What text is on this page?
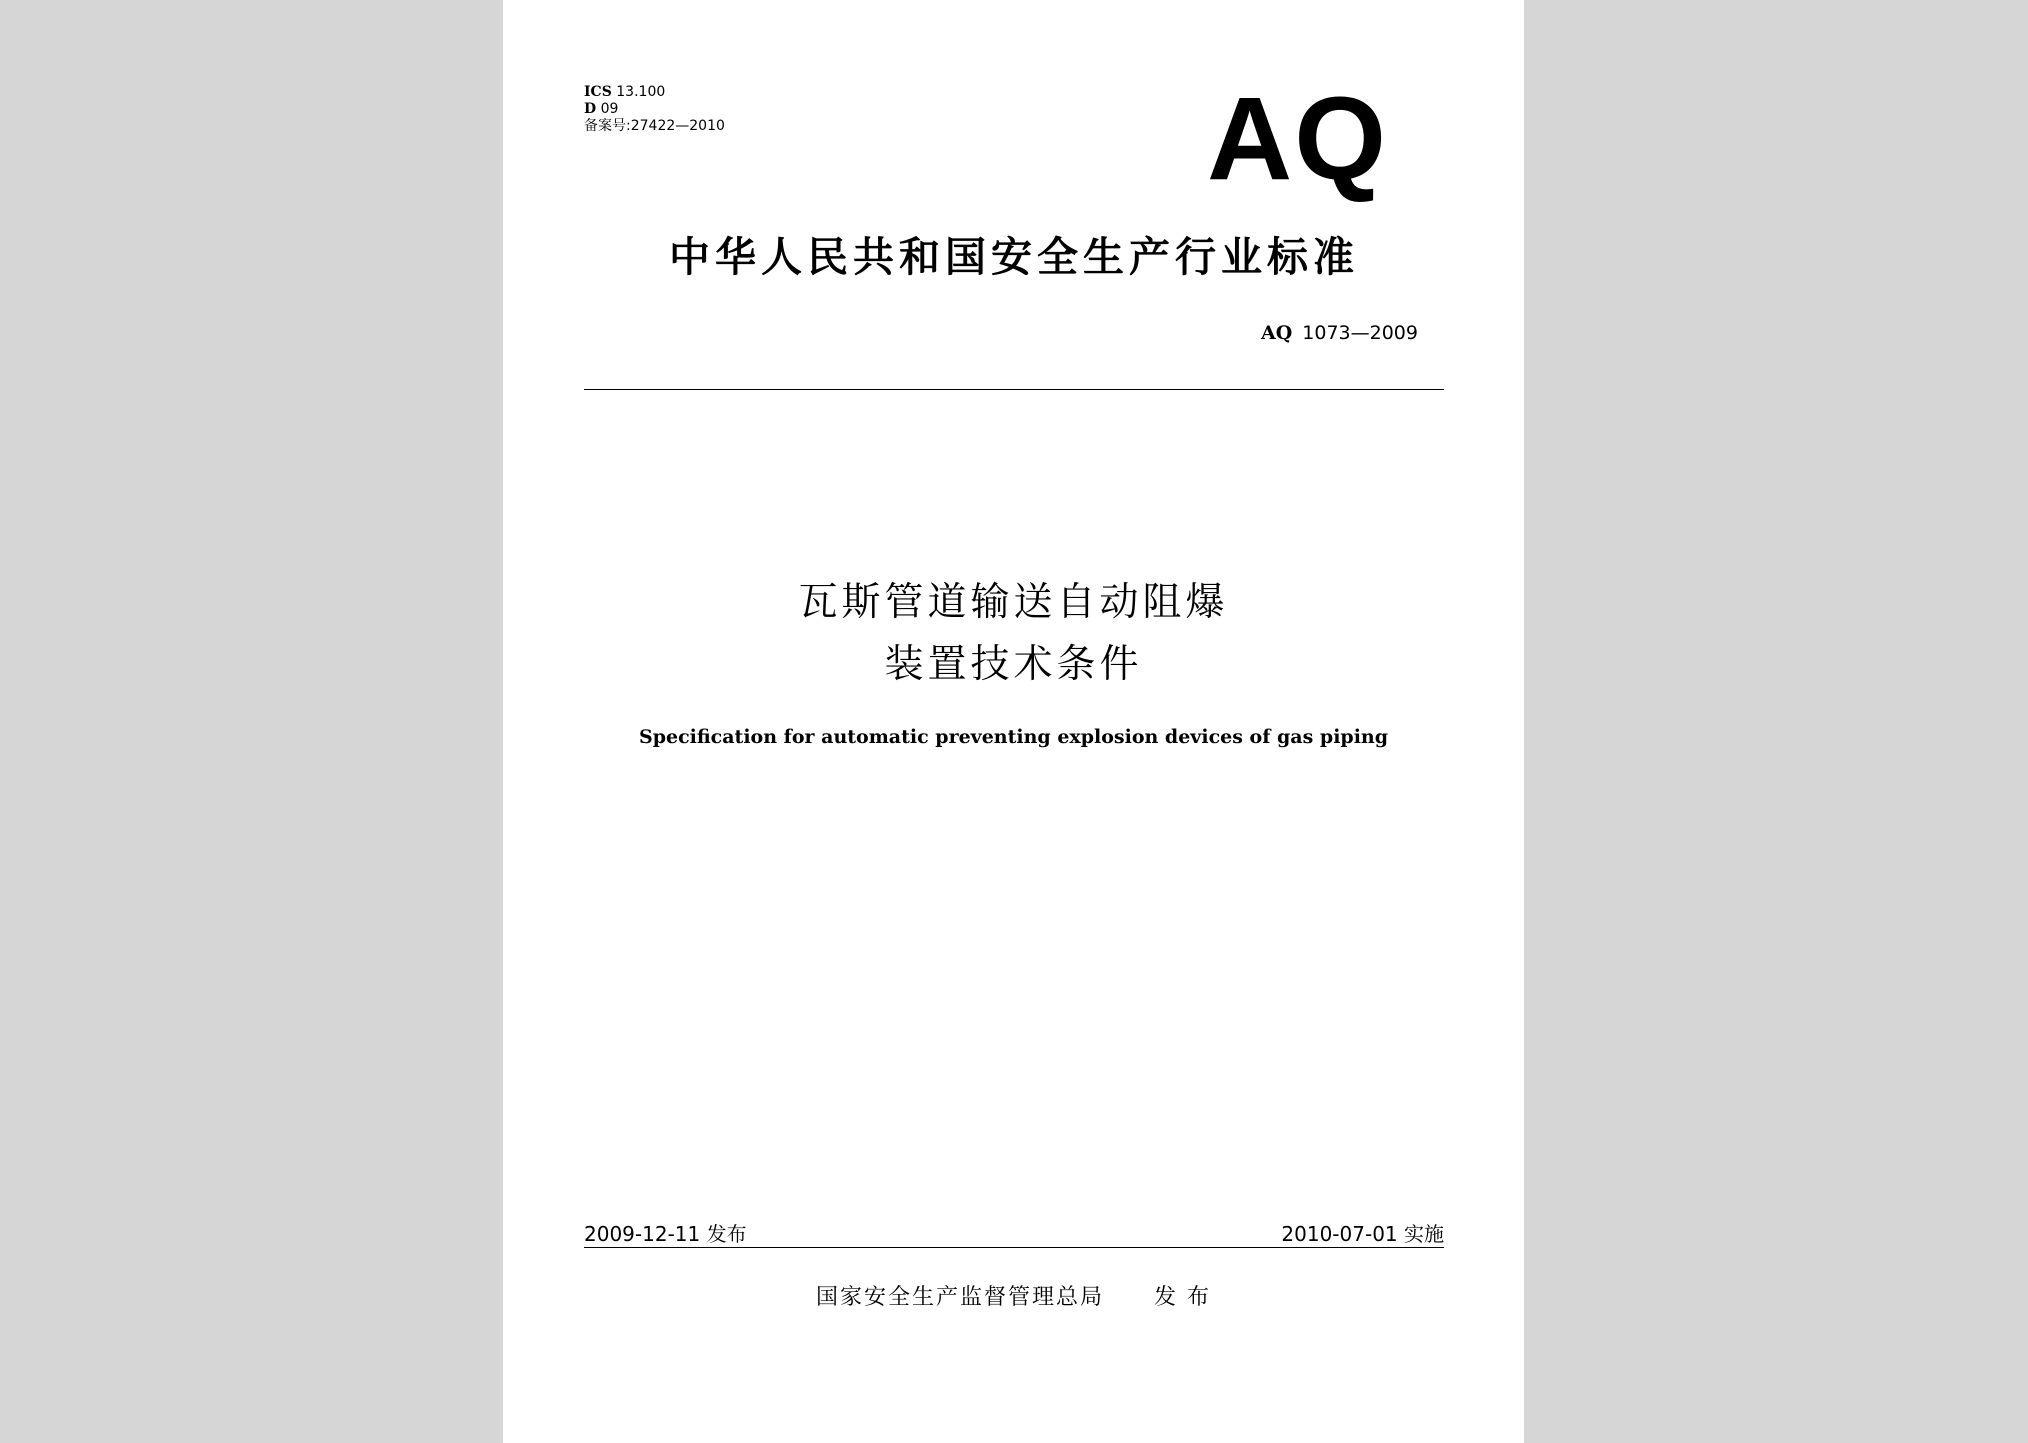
ICS 13.100
D 09
备案号:27422—2010	AQ
中华人民共和国安全生产行业标准
AQ 1073—2009
瓦斯管道输送自动阻爆
装置技术条件
Specification for automatic preventing explosion devices of gas piping
2009-12-11 发布	2010-07-01 实施
国家安全生产监督管理总局 发 布
